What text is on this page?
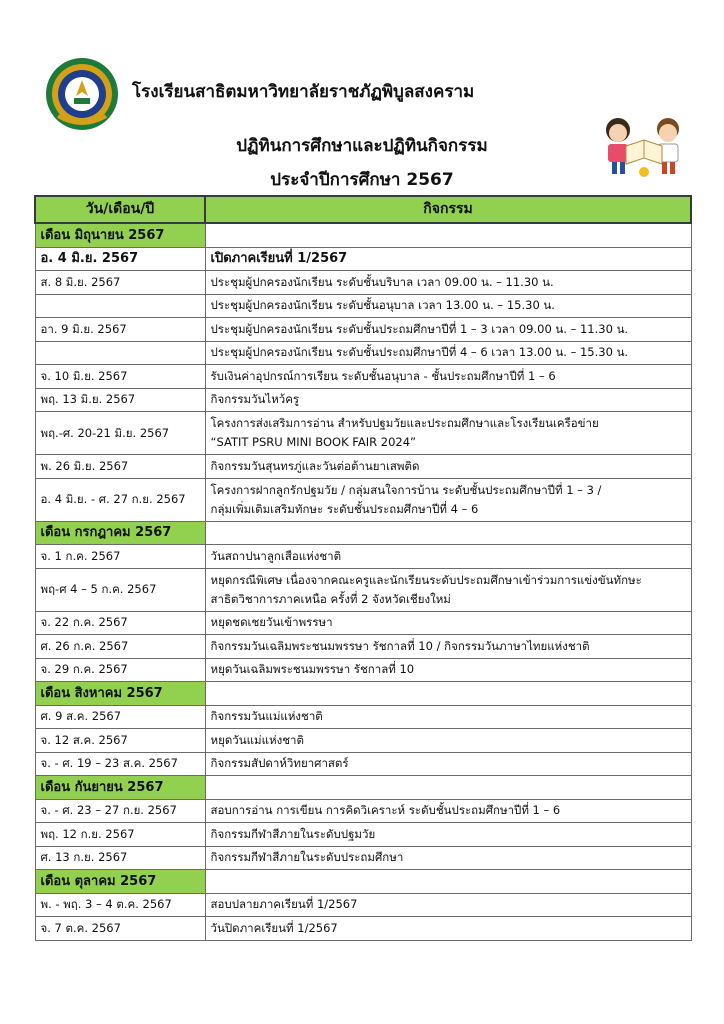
โรงเรียนสาธิตมหาวิทยาลัยราชภัฏพิบูลสงคราม
ปฏิทินการศึกษาและปฏิทินกิจกรรม
ประจำปีการศึกษา 2567
วัน/เดือน/ปี	กิจกรรม
เดือน มิถุนายน 2567	
อ. 4 มิ.ย. 2567	เปิดภาคเรียนที่ 1/2567
ส. 8 มิ.ย. 2567	ประชุมผู้ปกครองนักเรียน ระดับชั้นบริบาล เวลา 09.00 น. – 11.30 น.
	ประชุมผู้ปกครองนักเรียน ระดับชั้นอนุบาล เวลา 13.00 น. – 15.30 น.
อา. 9 มิ.ย. 2567	ประชุมผู้ปกครองนักเรียน ระดับชั้นประถมศึกษาปีที่ 1 – 3 เวลา 09.00 น. – 11.30 น.
	ประชุมผู้ปกครองนักเรียน ระดับชั้นประถมศึกษาปีที่ 4 – 6 เวลา 13.00 น. – 15.30 น.
จ. 10 มิ.ย. 2567	รับเงินค่าอุปกรณ์การเรียน ระดับชั้นอนุบาล - ชั้นประถมศึกษาปีที่ 1 – 6
พฤ. 13 มิ.ย. 2567	กิจกรรมวันไหว้ครู
พฤ.-ศ. 20-21 มิ.ย. 2567	โครงการส่งเสริมการอ่าน สำหรับปฐมวัยและประถมศึกษาและโรงเรียนเครือข่าย
“SATIT PSRU MINI BOOK FAIR 2024”

พ. 26 มิ.ย. 2567	กิจกรรมวันสุนทรภู่และวันต่อต้านยาเสพติด
อ. 4 มิ.ย. - ศ. 27 ก.ย. 2567	โครงการฝากลูกรักปฐมวัย / กลุ่มสนใจการบ้าน ระดับชั้นประถมศึกษาปีที่ 1 – 3 /
กลุ่มเพิ่มเติมเสริมทักษะ ระดับชั้นประถมศึกษาปีที่ 4 – 6

เดือน กรกฎาคม 2567	
จ. 1 ก.ค. 2567	วันสถาปนาลูกเสือแห่งชาติ
พฤ-ศ 4 – 5 ก.ค. 2567	หยุดกรณีพิเศษ เนื่องจากคณะครูและนักเรียนระดับประถมศึกษาเข้าร่วมการแข่งขันทักษะ
สาธิตวิชาการภาคเหนือ ครั้งที่ 2 จังหวัดเชียงใหม่

จ. 22 ก.ค. 2567	หยุดชดเชยวันเข้าพรรษา
ศ. 26 ก.ค. 2567	กิจกรรมวันเฉลิมพระชนมพรรษา รัชกาลที่ 10 / กิจกรรมวันภาษาไทยแห่งชาติ
จ. 29 ก.ค. 2567	หยุดวันเฉลิมพระชนมพรรษา รัชกาลที่ 10
เดือน สิงหาคม 2567	
ศ. 9 ส.ค. 2567	กิจกรรมวันแม่แห่งชาติ
จ. 12 ส.ค. 2567	หยุดวันแม่แห่งชาติ
จ. - ศ. 19 – 23 ส.ค. 2567	กิจกรรมสัปดาห์วิทยาศาสตร์
เดือน กันยายน 2567	
จ. - ศ. 23 – 27 ก.ย. 2567	สอบการอ่าน การเขียน การคิดวิเคราะห์ ระดับชั้นประถมศึกษาปีที่ 1 – 6
พฤ. 12 ก.ย. 2567	กิจกรรมกีฬาสีภายในระดับปฐมวัย
ศ. 13 ก.ย. 2567	กิจกรรมกีฬาสีภายในระดับประถมศึกษา
เดือน ตุลาคม 2567	
พ. - พฤ. 3 – 4 ต.ค. 2567	สอบปลายภาคเรียนที่ 1/2567
จ. 7 ต.ค. 2567	วันปิดภาคเรียนที่ 1/2567
